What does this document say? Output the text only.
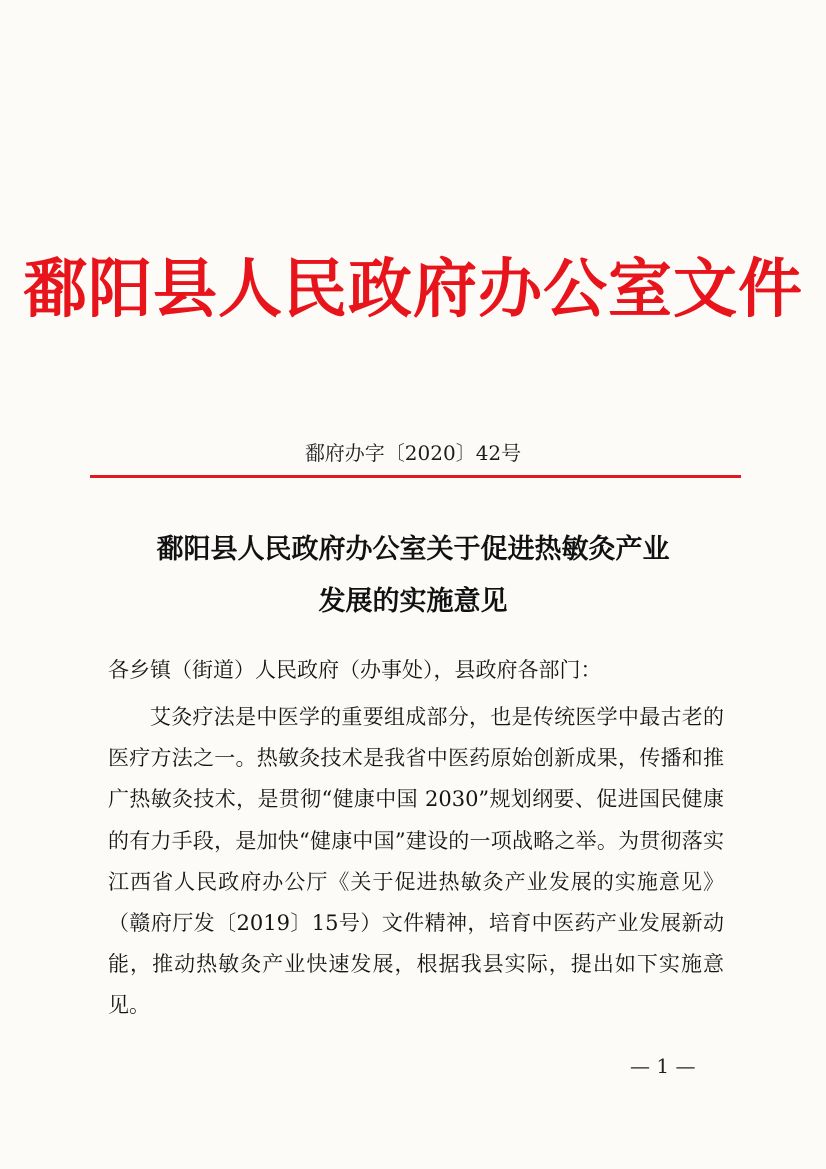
鄱阳县人民政府办公室文件
鄱府办字〔2020〕42号
鄱阳县人民政府办公室关于促进热敏灸产业
发展的实施意见
各乡镇（街道）人民政府（办事处），县政府各部门：

艾灸疗法是中医学的重要组成部分，也是传统医学中最古老的医疗方法之一。热敏灸技术是我省中医药原始创新成果，传播和推广热敏灸技术，是贯彻“健康中国 2030”规划纲要、促进国民健康的有力手段，是加快“健康中国”建设的一项战略之举。为贯彻落实江西省人民政府办公厅《关于促进热敏灸产业发展的实施意见》（赣府厅发〔2019〕15号）文件精神，培育中医药产业发展新动能，推动热敏灸产业快速发展，根据我县实际，提出如下实施意见。

— 1 —
